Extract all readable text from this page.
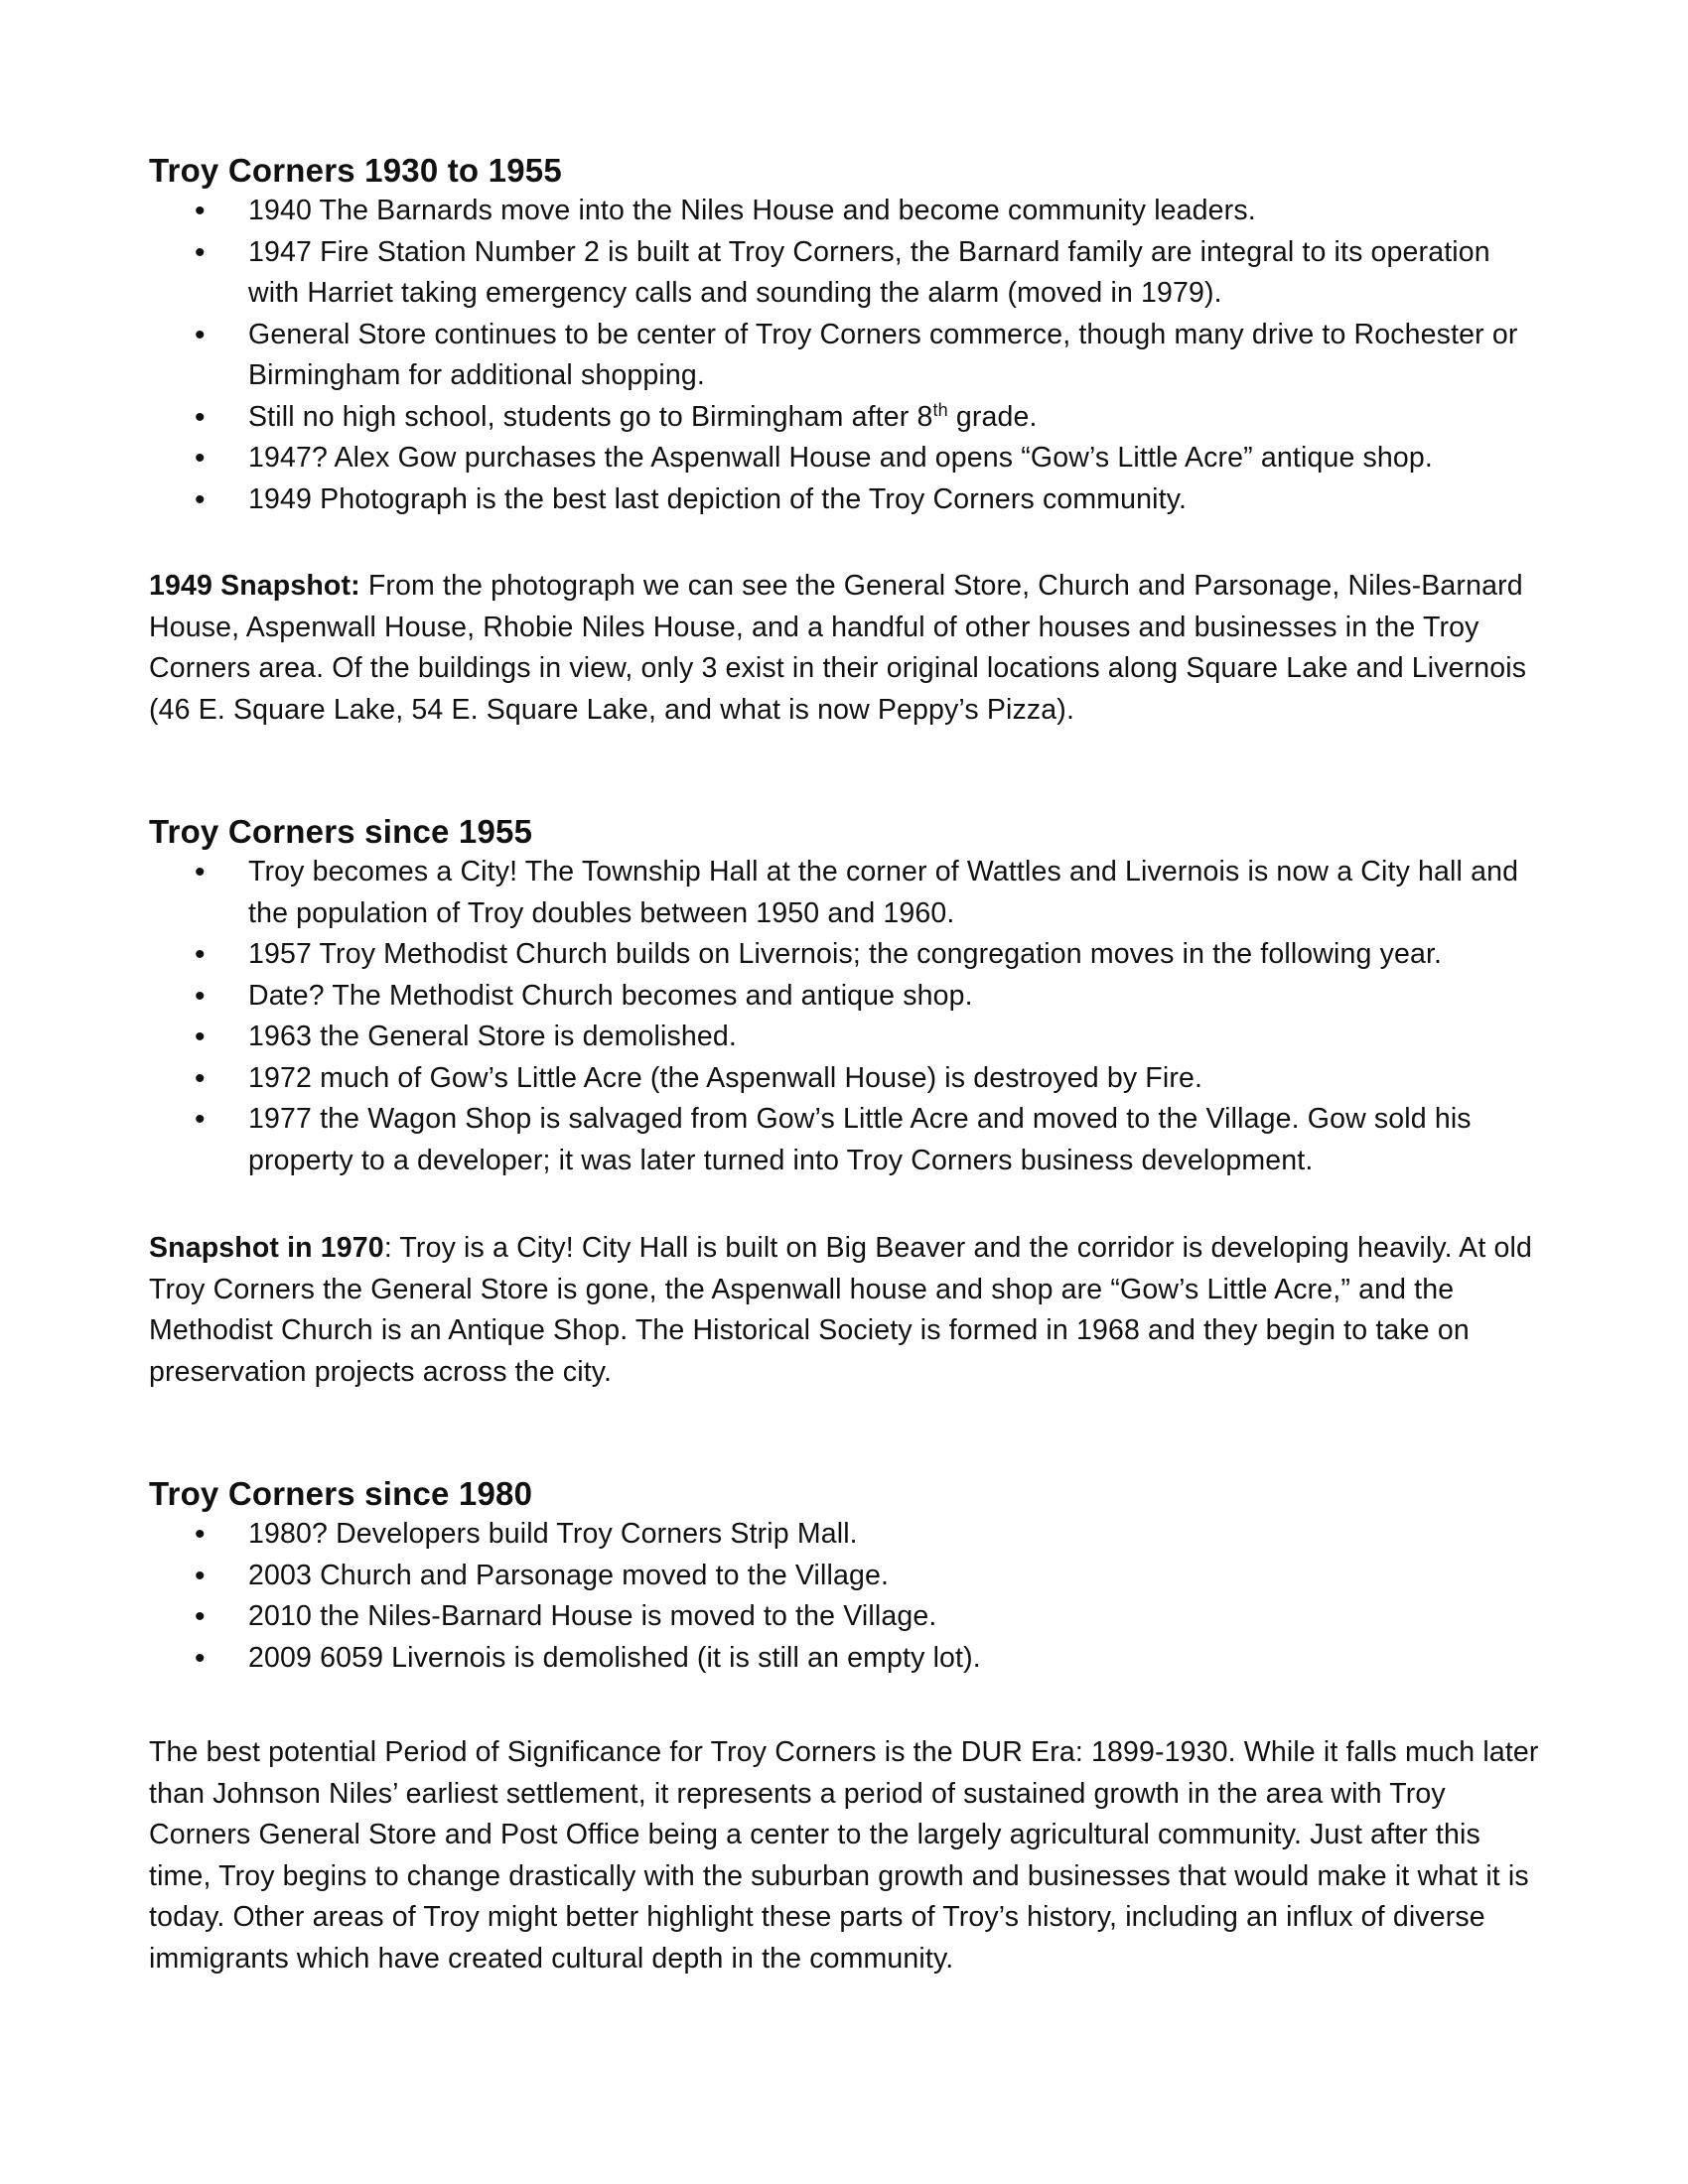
Troy Corners 1930 to 1955
• 1940 The Barnards move into the Niles House and become community leaders.
• 1947 Fire Station Number 2 is built at Troy Corners, the Barnard family are integral to its operation with Harriet taking emergency calls and sounding the alarm (moved in 1979).
• General Store continues to be center of Troy Corners commerce, though many drive to Rochester or Birmingham for additional shopping.
• Still no high school, students go to Birmingham after 8th grade.
• 1947? Alex Gow purchases the Aspenwall House and opens “Gow’s Little Acre” antique shop.
• 1949 Photograph is the best last depiction of the Troy Corners community.

1949 Snapshot: From the photograph we can see the General Store, Church and Parsonage, Niles-Barnard House, Aspenwall House, Rhobie Niles House, and a handful of other houses and businesses in the Troy Corners area. Of the buildings in view, only 3 exist in their original locations along Square Lake and Livernois (46 E. Square Lake, 54 E. Square Lake, and what is now Peppy’s Pizza).

Troy Corners since 1955
• Troy becomes a City! The Township Hall at the corner of Wattles and Livernois is now a City hall and the population of Troy doubles between 1950 and 1960.
• 1957 Troy Methodist Church builds on Livernois; the congregation moves in the following year.
• Date? The Methodist Church becomes and antique shop.
• 1963 the General Store is demolished.
• 1972 much of Gow’s Little Acre (the Aspenwall House) is destroyed by Fire.
• 1977 the Wagon Shop is salvaged from Gow’s Little Acre and moved to the Village. Gow sold his property to a developer; it was later turned into Troy Corners business development.

Snapshot in 1970: Troy is a City! City Hall is built on Big Beaver and the corridor is developing heavily. At old Troy Corners the General Store is gone, the Aspenwall house and shop are “Gow’s Little Acre,” and the Methodist Church is an Antique Shop. The Historical Society is formed in 1968 and they begin to take on preservation projects across the city.

Troy Corners since 1980
• 1980? Developers build Troy Corners Strip Mall.
• 2003 Church and Parsonage moved to the Village.
• 2010 the Niles-Barnard House is moved to the Village.
• 2009 6059 Livernois is demolished (it is still an empty lot).

The best potential Period of Significance for Troy Corners is the DUR Era: 1899-1930. While it falls much later than Johnson Niles’ earliest settlement, it represents a period of sustained growth in the area with Troy Corners General Store and Post Office being a center to the largely agricultural community. Just after this time, Troy begins to change drastically with the suburban growth and businesses that would make it what it is today. Other areas of Troy might better highlight these parts of Troy’s history, including an influx of diverse immigrants which have created cultural depth in the community.
